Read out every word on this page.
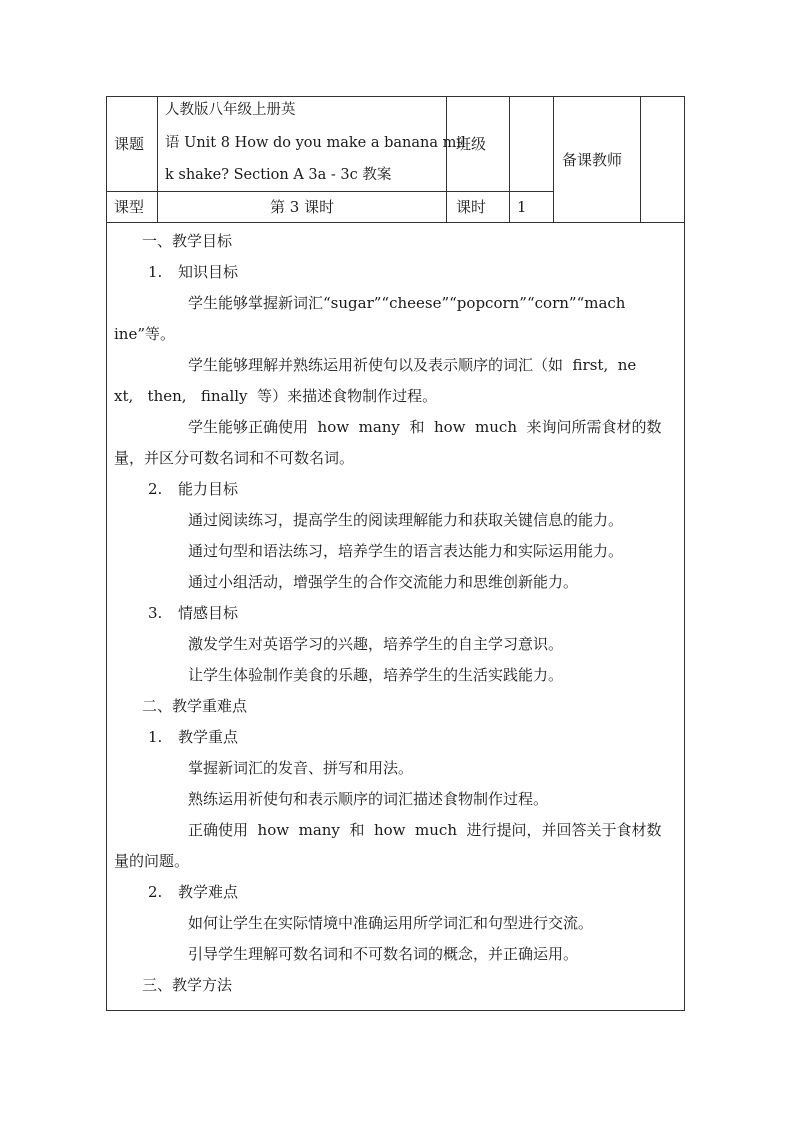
课题
人教版八年级上册英
语 Unit 8 How do you make a banana mil
k shake? Section A 3a - 3c 教案
班级
备课教师
课型	第 3 课时	课时 1
一、教学目标
1. 知识目标
学生能够掌握新词汇“sugar”“cheese”“popcorn”“corn”“mach
ine”等。
学生能够理解并熟练运用祈使句以及表示顺序的词汇（如  first,  ne
xt,   then,   finally  等）来描述食物制作过程。
学生能够正确使用  how  many  和  how  much  来询问所需食材的数
量，并区分可数名词和不可数名词。
2. 能力目标
通过阅读练习，提高学生的阅读理解能力和获取关键信息的能力。
通过句型和语法练习，培养学生的语言表达能力和实际运用能力。
通过小组活动，增强学生的合作交流能力和思维创新能力。
3. 情感目标
激发学生对英语学习的兴趣，培养学生的自主学习意识。
让学生体验制作美食的乐趣，培养学生的生活实践能力。
二、教学重难点
1. 教学重点
掌握新词汇的发音、拼写和用法。
熟练运用祈使句和表示顺序的词汇描述食物制作过程。
正确使用  how  many  和  how  much  进行提问，并回答关于食材数
量的问题。
2. 教学难点
如何让学生在实际情境中准确运用所学词汇和句型进行交流。
引导学生理解可数名词和不可数名词的概念，并正确运用。
三、教学方法
